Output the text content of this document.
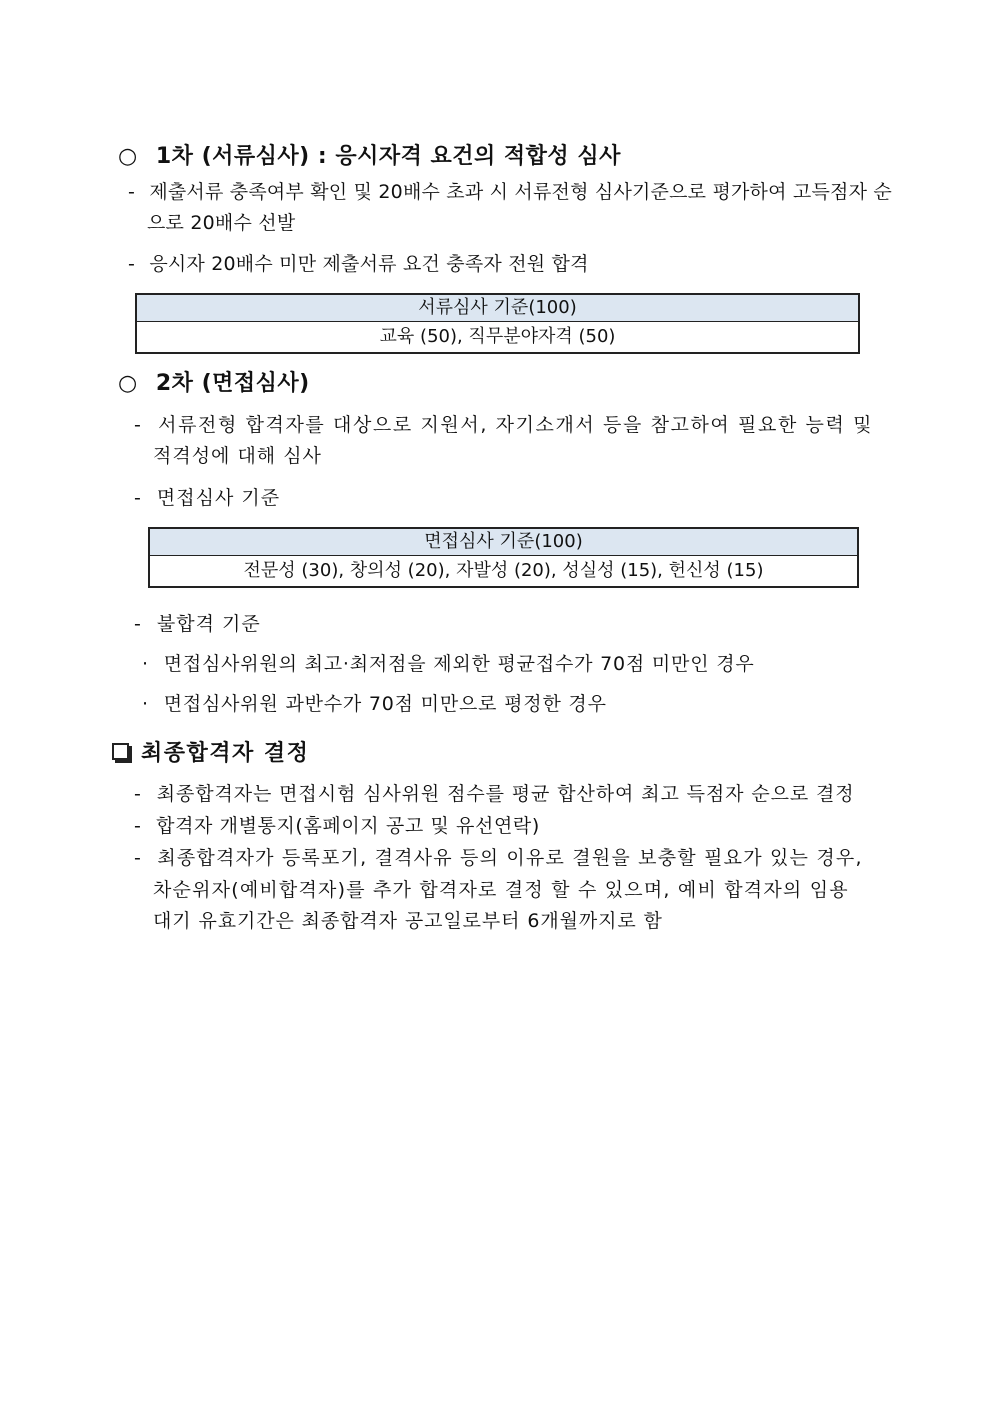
○ 1차 (서류심사) : 응시자격 요건의 적합성 심사
- 제출서류 충족여부 확인 및 20배수 초과 시 서류전형 심사기준으로 평가하여 고득점자 순
으로 20배수 선발
- 응시자 20배수 미만 제출서류 요건 충족자 전원 합격
서류심사 기준(100)
교육 (50), 직무분야자격 (50)
○ 2차 (면접심사)
- 서류전형 합격자를 대상으로 지원서, 자기소개서 등을 참고하여 필요한 능력 및
적격성에 대해 심사
- 면접심사 기준
면접심사 기준(100)
전문성 (30), 창의성 (20), 자발성 (20), 성실성 (15), 헌신성 (15)
- 불합격 기준
· 면접심사위원의 최고·최저점을 제외한 평균접수가 70점 미만인 경우
· 면접심사위원 과반수가 70점 미만으로 평정한 경우
최종합격자 결정
- 최종합격자는 면접시험 심사위원 점수를 평균 합산하여 최고 득점자 순으로 결정
- 합격자 개별통지(홈페이지 공고 및 유선연락)
- 최종합격자가 등록포기, 결격사유 등의 이유로 결원을 보충할 필요가 있는 경우,
차순위자(예비합격자)를 추가 합격자로 결정 할 수 있으며, 예비 합격자의 임용
대기 유효기간은 최종합격자 공고일로부터 6개월까지로 함
